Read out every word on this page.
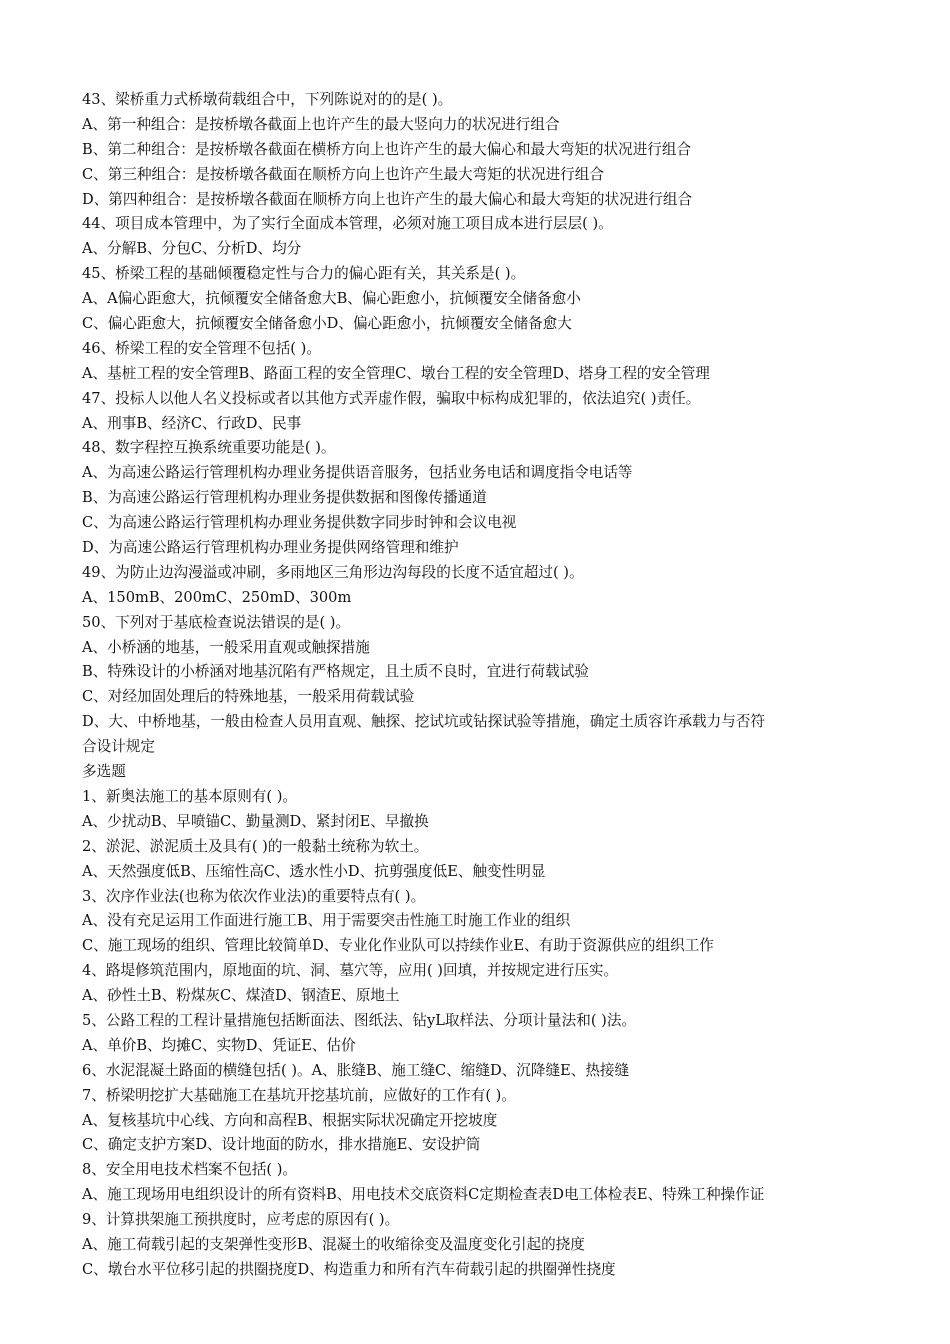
43、梁桥重力式桥墩荷载组合中，下列陈说对的的是( )。
A、第一种组合：是按桥墩各截面上也许产生的最大竖向力的状况进行组合
B、第二种组合：是按桥墩各截面在横桥方向上也许产生的最大偏心和最大弯矩的状况进行组合
C、第三种组合：是按桥墩各截面在顺桥方向上也许产生最大弯矩的状况进行组合
D、第四种组合：是按桥墩各截面在顺桥方向上也许产生的最大偏心和最大弯矩的状况进行组合
44、项目成本管理中，为了实行全面成本管理，必须对施工项目成本进行层层( )。
A、分解B、分包C、分析D、均分
45、桥梁工程的基础倾覆稳定性与合力的偏心距有关，其关系是( )。
A、A偏心距愈大，抗倾覆安全储备愈大B、偏心距愈小，抗倾覆安全储备愈小
C、偏心距愈大，抗倾覆安全储备愈小D、偏心距愈小，抗倾覆安全储备愈大
46、桥梁工程的安全管理不包括( )。
A、基桩工程的安全管理B、路面工程的安全管理C、墩台工程的安全管理D、塔身工程的安全管理
47、投标人以他人名义投标或者以其他方式弄虚作假，骗取中标构成犯罪的，依法追究( )责任。
A、刑事B、经济C、行政D、民事
48、数字程控互换系统重要功能是( )。
A、为高速公路运行管理机构办理业务提供语音服务，包括业务电话和调度指令电话等
B、为高速公路运行管理机构办理业务提供数据和图像传播通道
C、为高速公路运行管理机构办理业务提供数字同步时钟和会议电视
D、为高速公路运行管理机构办理业务提供网络管理和维护
49、为防止边沟漫溢或冲刷，多雨地区三角形边沟每段的长度不适宜超过( )。
A、150mB、200mC、250mD、300m
50、下列对于基底检查说法错误的是( )。
A、小桥涵的地基，一般采用直观或触探措施
B、特殊设计的小桥涵对地基沉陷有严格规定，且土质不良时，宜进行荷载试验
C、对经加固处理后的特殊地基，一般采用荷载试验
D、大、中桥地基，一般由检查人员用直观、触探、挖试坑或钻探试验等措施，确定土质容许承载力与否符
合设计规定
多选题
1、新奥法施工的基本原则有( )。
A、少扰动B、早喷锚C、勤量测D、紧封闭E、早撤换
2、淤泥、淤泥质土及具有( )的一般黏土统称为软土。
A、天然强度低B、压缩性高C、透水性小D、抗剪强度低E、触变性明显
3、次序作业法(也称为依次作业法)的重要特点有( )。
A、没有充足运用工作面进行施工B、用于需要突击性施工时施工作业的组织
C、施工现场的组织、管理比较简单D、专业化作业队可以持续作业E、有助于资源供应的组织工作
4、路堤修筑范围内，原地面的坑、洞、墓穴等，应用( )回填，并按规定进行压实。
A、砂性土B、粉煤灰C、煤渣D、钢渣E、原地土
5、公路工程的工程计量措施包括断面法、图纸法、钻yL取样法、分项计量法和( )法。
A、单价B、均摊C、实物D、凭证E、估价
6、水泥混凝土路面的横缝包括( )。A、胀缝B、施工缝C、缩缝D、沉降缝E、热接缝
7、桥梁明挖扩大基础施工在基坑开挖基坑前，应做好的工作有( )。
A、复核基坑中心线、方向和高程B、根据实际状况确定开挖坡度
C、确定支护方案D、设计地面的防水，排水措施E、安设护筒
8、安全用电技术档案不包括( )。
A、施工现场用电组织设计的所有资料B、用电技术交底资料C定期检查表D电工体检表E、特殊工种操作证
9、计算拱架施工预拱度时，应考虑的原因有( )。
A、施工荷载引起的支架弹性变形B、混凝土的收缩徐变及温度变化引起的挠度
C、墩台水平位移引起的拱圈挠度D、构造重力和所有汽车荷载引起的拱圈弹性挠度
